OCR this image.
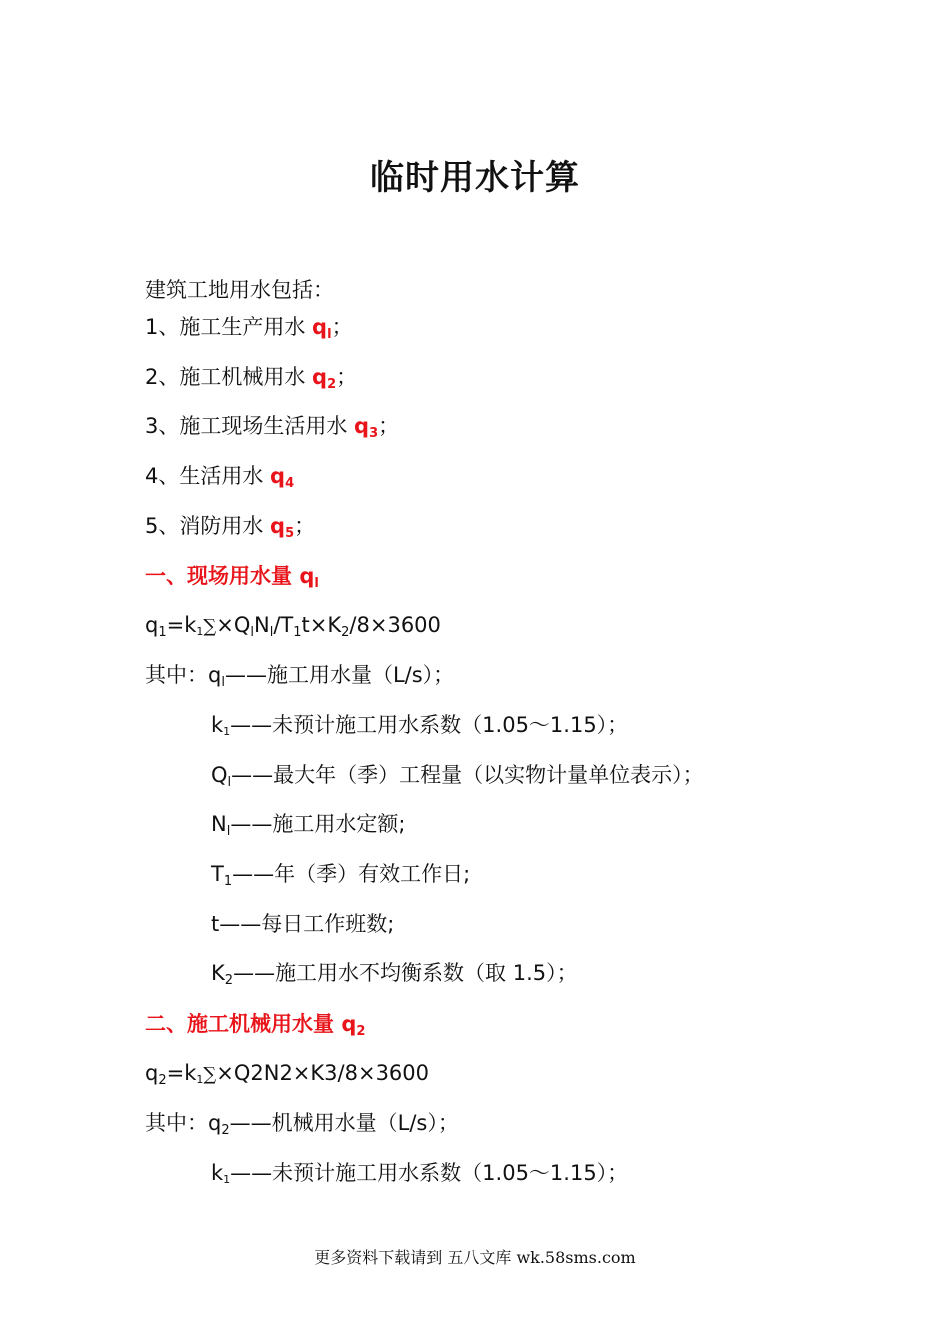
临时用水计算
建筑工地用水包括：
1、施工生产用水 $q_l$；
2、施工机械用水 $q_2$；
3、施工现场生活用水 $q_3$；
4、生活用水 $q_4$
5、消防用水 $q_5$；
一、现场用水量 $q_l$
$q_1=k1\sum\times Q_lN_l/T_1t\times K_2/8\times 3600$
其中：$q_l——$施工用水量（L/s）；
k1——未预计施工用水系数（1.05～1.15）；
$Q_l——$最大年（季）工程量（以实物计量单位表示）；
$N_l——$施工用水定额;
$T_1——$年（季）有效工作日;
t——每日工作班数;
$K_2——$施工用水不均衡系数（取 1.5）；
二、施工机械用水量 $q_2$
$q_2=k1\sum\times Q2N2\times K3/8\times 3600$
其中：$q_2——$机械用水量（L/s）；
k1——未预计施工用水系数（1.05～1.15）；
更多资料下载请到 五八文库 wk.58sms.com
